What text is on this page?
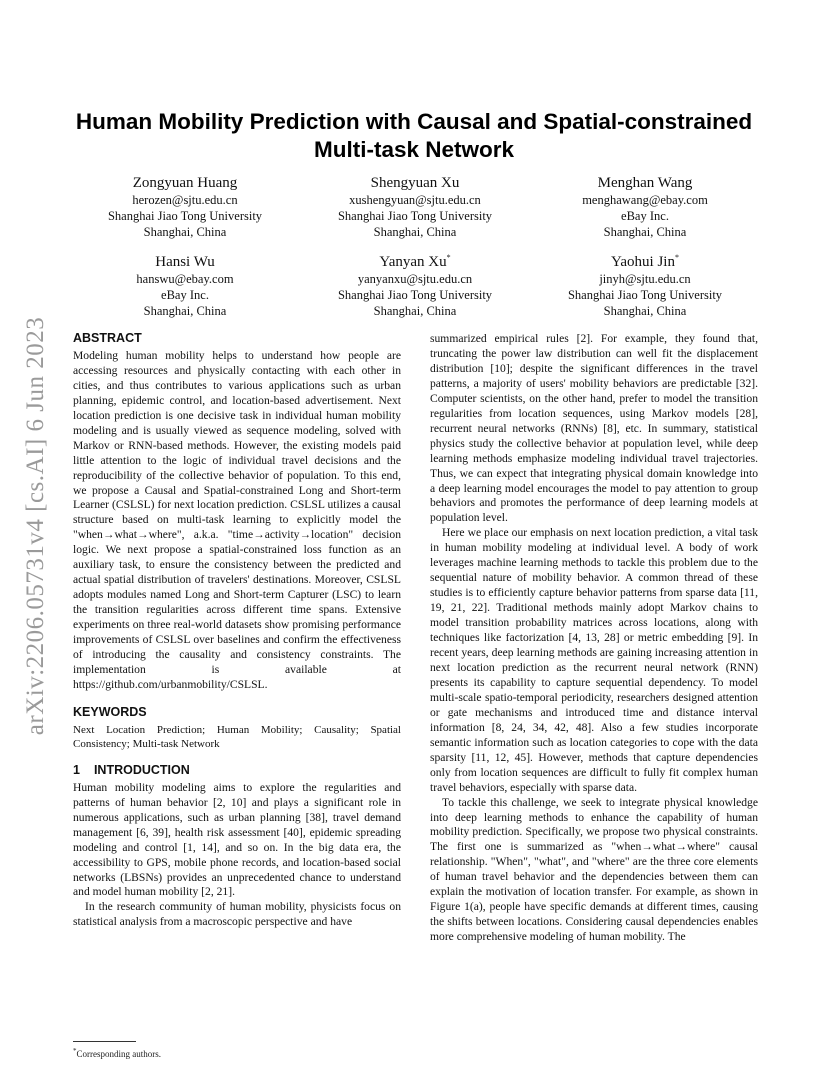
arXiv:2206.05731v4 [cs.AI] 6 Jun 2023
Human Mobility Prediction with Causal and Spatial-constrained Multi-task Network
Zongyuan Huang
herozen@sjtu.edu.cn
Shanghai Jiao Tong University
Shanghai, China
Shengyuan Xu
xushengyuan@sjtu.edu.cn
Shanghai Jiao Tong University
Shanghai, China
Menghan Wang
menghawang@ebay.com
eBay Inc.
Shanghai, China
Hansi Wu
hanswu@ebay.com
eBay Inc.
Shanghai, China
Yanyan Xu*
yanyanxu@sjtu.edu.cn
Shanghai Jiao Tong University
Shanghai, China
Yaohui Jin*
jinyh@sjtu.edu.cn
Shanghai Jiao Tong University
Shanghai, China
ABSTRACT

Modeling human mobility helps to understand how people are accessing resources and physically contacting with each other in cities, and thus contributes to various applications such as urban planning, epidemic control, and location-based advertisement. Next location prediction is one decisive task in individual human mobility modeling and is usually viewed as sequence modeling, solved with Markov or RNN-based methods. However, the existing models paid little attention to the logic of individual travel decisions and the reproducibility of the collective behavior of population. To this end, we propose a Causal and Spatial-constrained Long and Short-term Learner (CSLSL) for next location prediction. CSLSL utilizes a causal structure based on multi-task learning to explicitly model the "when→what→where", a.k.a. "time→activity→location" decision logic. We next propose a spatial-constrained loss function as an auxiliary task, to ensure the consistency between the predicted and actual spatial distribution of travelers' destinations. Moreover, CSLSL adopts modules named Long and Short-term Capturer (LSC) to learn the transition regularities across different time spans. Extensive experiments on three real-world datasets show promising performance improvements of CSLSL over baselines and confirm the effectiveness of introducing the causality and consistency constraints. The implementation is available at https://github.com/urbanmobility/CSLSL.

KEYWORDS

Next Location Prediction; Human Mobility; Causality; Spatial Consistency; Multi-task Network

1 INTRODUCTION

Human mobility modeling aims to explore the regularities and patterns of human behavior [2, 10] and plays a significant role in numerous applications, such as urban planning [38], travel demand management [6, 39], health risk assessment [40], epidemic spreading modeling and control [1, 14], and so on. In the big data era, the accessibility to GPS, mobile phone records, and location-based social networks (LBSNs) provides an unprecedented chance to understand and model human mobility [2, 21].

In the research community of human mobility, physicists focus on statistical analysis from a macroscopic perspective and have

summarized empirical rules [2]. For example, they found that, truncating the power law distribution can well fit the displacement distribution [10]; despite the significant differences in the travel patterns, a majority of users' mobility behaviors are predictable [32]. Computer scientists, on the other hand, prefer to model the transition regularities from location sequences, using Markov models [28], recurrent neural networks (RNNs) [8], etc. In summary, statistical physics study the collective behavior at population level, while deep learning methods emphasize modeling individual travel trajectories. Thus, we can expect that integrating physical domain knowledge into a deep learning model encourages the model to pay attention to group behaviors and promotes the performance of deep learning models at population level.

Here we place our emphasis on next location prediction, a vital task in human mobility modeling at individual level. A body of work leverages machine learning methods to tackle this problem due to the sequential nature of mobility behavior. A common thread of these studies is to efficiently capture behavior patterns from sparse data [11, 19, 21, 22]. Traditional methods mainly adopt Markov chains to model transition probability matrices across locations, along with techniques like factorization [4, 13, 28] or metric embedding [9]. In recent years, deep learning methods are gaining increasing attention in next location prediction as the recurrent neural network (RNN) presents its capability to capture sequential dependency. To model multi-scale spatio-temporal periodicity, researchers designed attention or gate mechanisms and introduced time and distance interval information [8, 24, 34, 42, 48]. Also a few studies incorporate semantic information such as location categories to cope with the data sparsity [11, 12, 45]. However, methods that capture dependencies only from location sequences are difficult to fully fit complex human travel behaviors, especially with sparse data.

To tackle this challenge, we seek to integrate physical knowledge into deep learning methods to enhance the capability of human mobility prediction. Specifically, we propose two physical constraints. The first one is summarized as "when→what→where" causal relationship. "When", "what", and "where" are the three core elements of human travel behavior and the dependencies between them can explain the motivation of location transfer. For example, as shown in Figure 1(a), people have specific demands at different times, causing the shifts between locations. Considering causal dependencies enables more comprehensive modeling of human mobility. The

*Corresponding authors.
